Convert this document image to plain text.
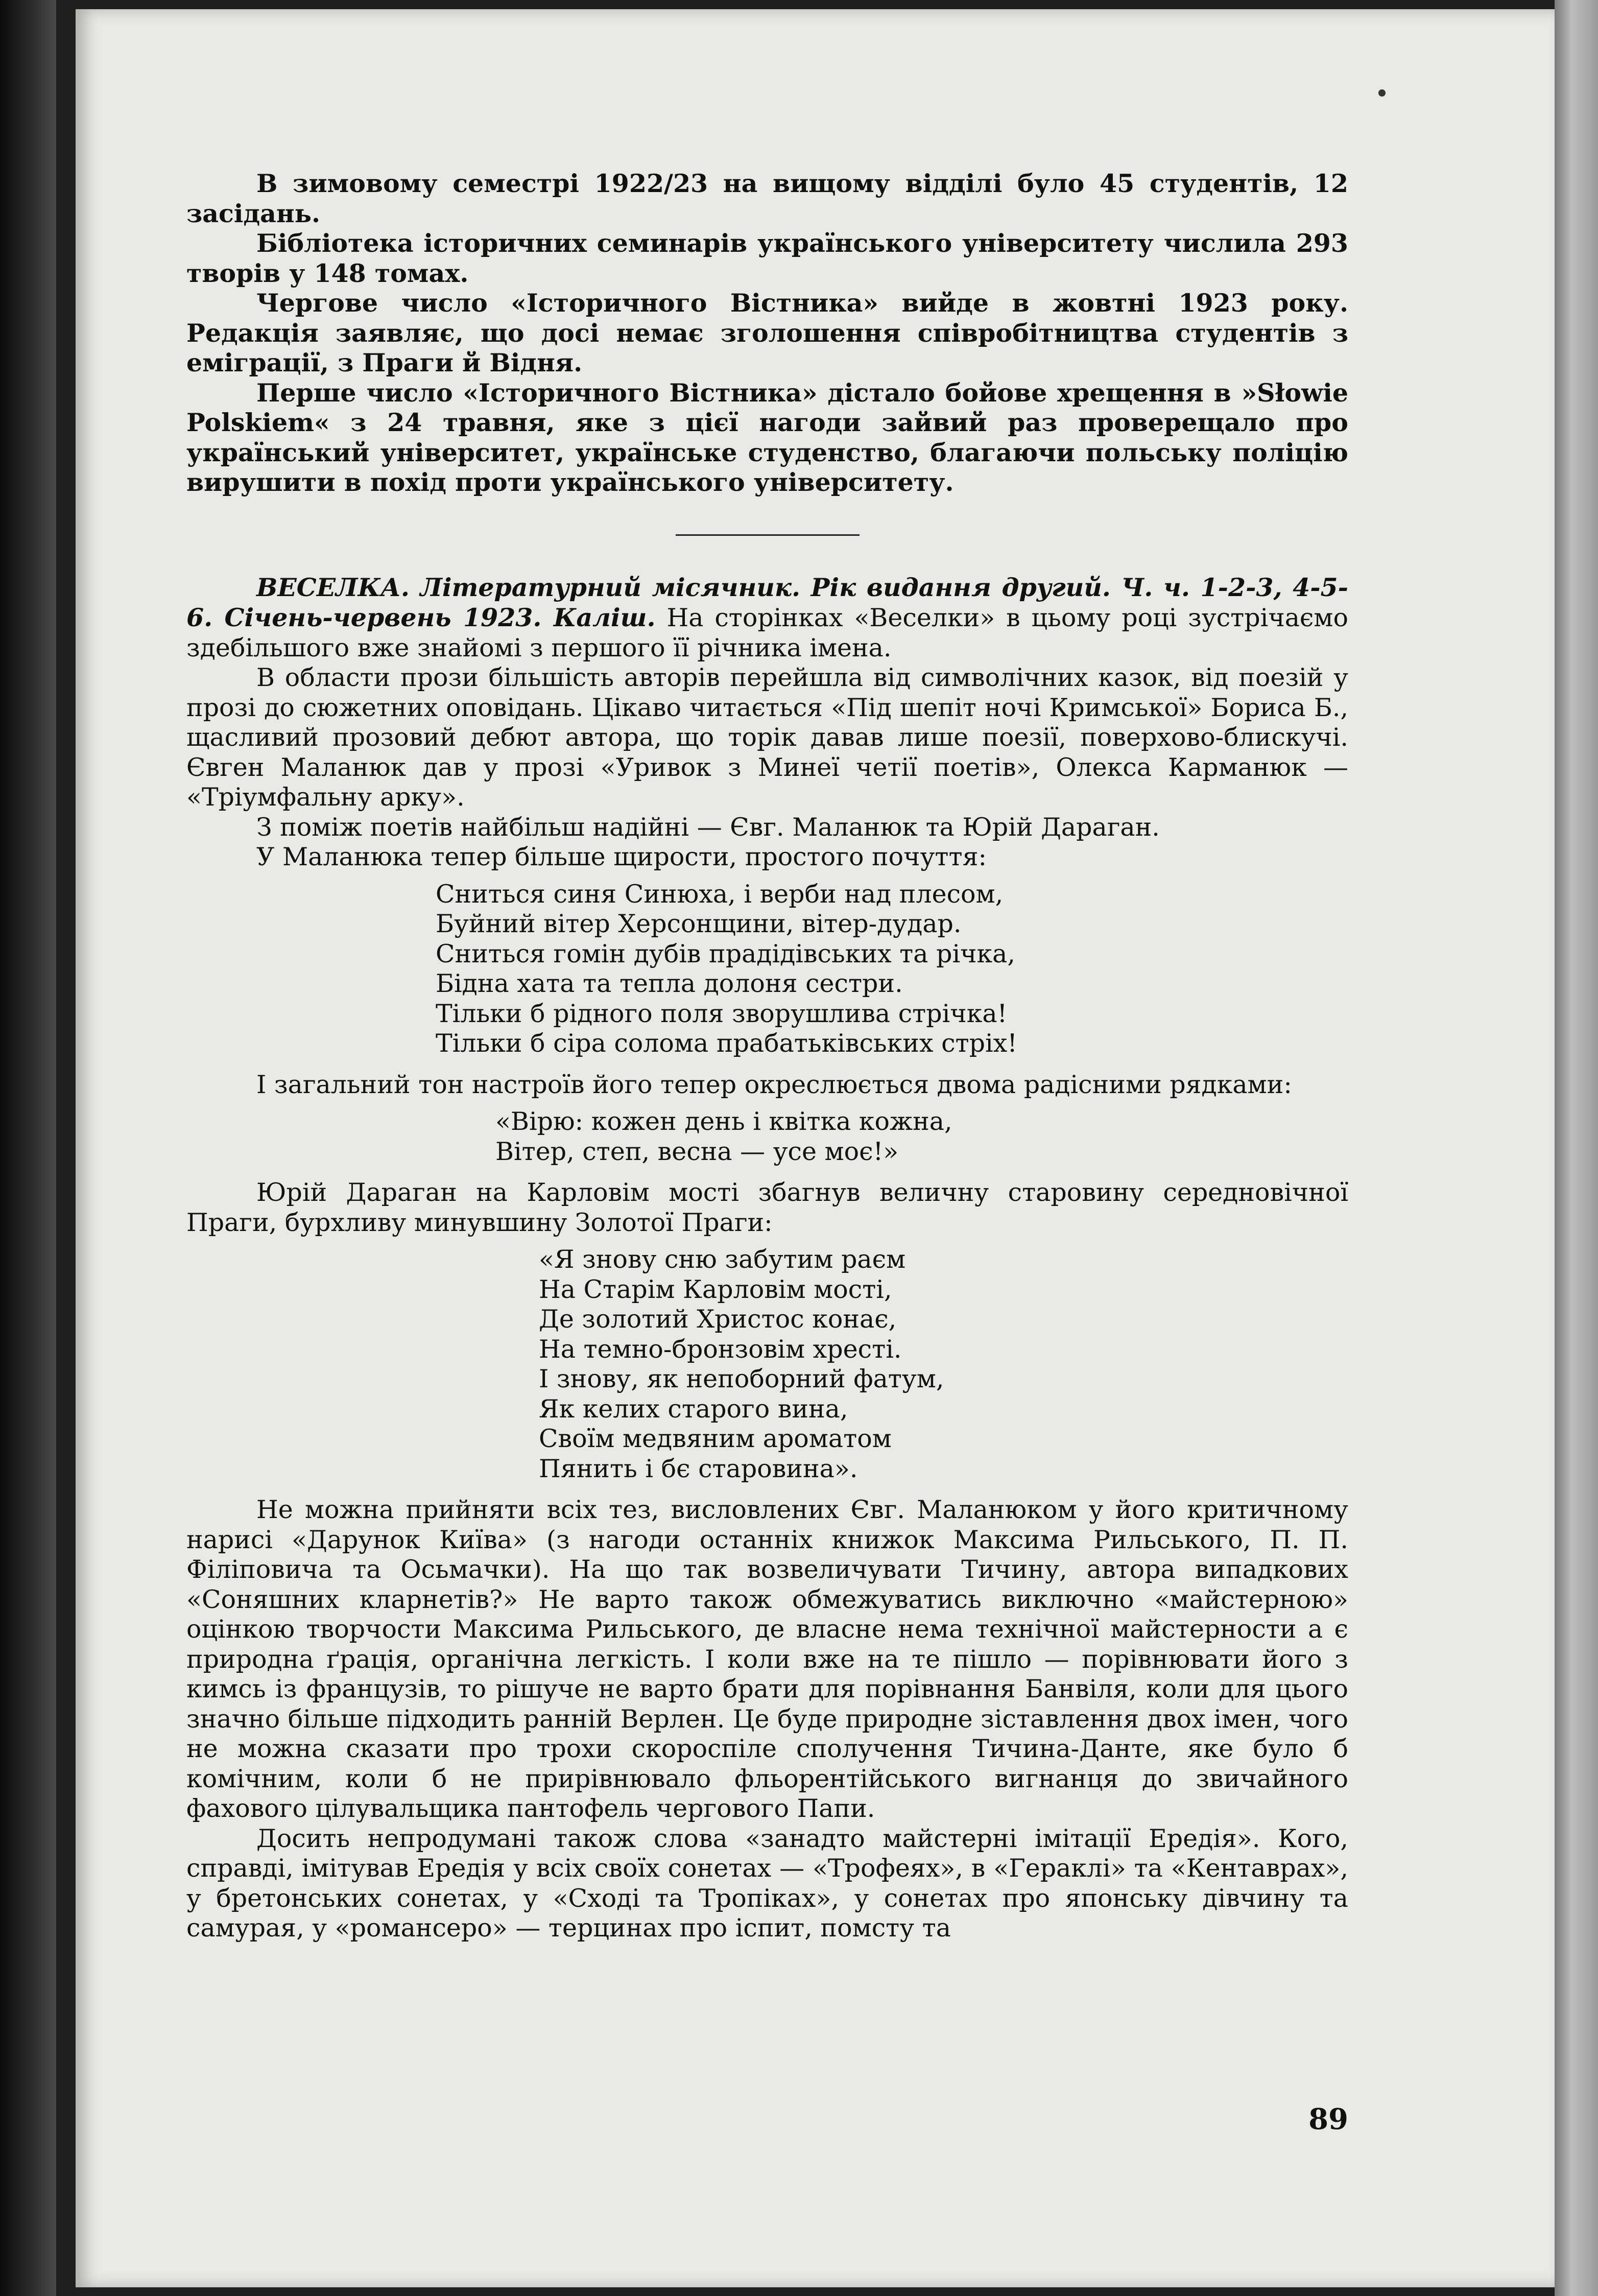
В зимовому семестрі 1922/23 на вищому відділі було 45 студентів, 12 засідань.

Бібліотека історичних семинарів українського університету числила 293 творів у 148 томах.

Чергове число «Історичного Вістника» вийде в жовтні 1923 року. Редакція заявляє, що досі немає зголошення співробітництва студентів з еміграції, з Праги й Відня.

Перше число «Історичного Вістника» дістало бойове хрещення в »Słowie Polskiem« з 24 травня, яке з цієї нагоди зайвий раз проверещало про український університет, українське студенство, благаючи польську поліцію вирушити в похід проти українського університету.

ВЕСЕЛКА. Літературний місячник. Рік видання другий. Ч. ч. 1-2-3, 4-5-6. Січень-червень 1923. Каліш. На сторінках «Веселки» в цьому році зустрічаємо здебільшого вже знайомі з першого її річника імена.

В области прози більшість авторів перейшла від символічних казок, від поезій у прозі до сюжетних оповідань. Цікаво читається «Під шепіт ночі Кримської» Бориса Б., щасливий прозовий дебют автора, що торік давав лише поезії, поверхово-блискучі. Євген Маланюк дав у прозі «Уривок з Минеї четії поетів», Олекса Карманюк — «Тріумфальну арку».

З поміж поетів найбільш надійні — Євг. Маланюк та Юрій Дараган.

У Маланюка тепер більше щирости, простого почуття:

Сниться синя Синюха, і верби над плесом,
Буйний вітер Херсонщини, вітер-дудар.
Сниться гомін дубів прадідівських та річка,
Бідна хата та тепла долоня сестри.
Тільки б рідного поля зворушлива стрічка!
Тільки б сіра солома прабатьківських стріх!

І загальний тон настроїв його тепер окреслюється двома радісними рядками:

«Вірю: кожен день і квітка кожна,
Вітер, степ, весна — усе моє!»

Юрій Дараган на Карловім мості збагнув величну старовину середновічної Праги, бурхливу минувшину Золотої Праги:

«Я знову сню забутим раєм
На Старім Карловім мості,
Де золотий Христос конає,
На темно-бронзовім хресті.
І знову, як непоборний фатум,
Як келих старого вина,
Своїм медвяним ароматом
Пянить і бє старовина».

Не можна прийняти всіх тез, висловлених Євг. Маланюком у його критичному нарисі «Дарунок Київа» (з нагоди останніх книжок Максима Рильського, П. П. Філіповича та Осьмачки). На що так возвеличувати Тичину, автора випадкових «Соняшних кларнетів?» Не варто також обмежуватись виключно «майстерною» оцінкою творчости Максима Рильського, де власне нема технічної майстерности а є природна ґрація, органічна легкість. І коли вже на те пішло — порівнювати його з кимсь із французів, то рішуче не варто брати для порівнання Банвіля, коли для цього значно більше підходить ранній Верлен. Це буде природне зіставлення двох імен, чого не можна сказати про трохи скороспіле сполучення Тичина-Данте, яке було б комічним, коли б не прирівнювало фльорентійського вигнанця до звичайного фахового цілувальщика пантофель чергового Папи.

Досить непродумані також слова «занадто майстерні імітації Ередія». Кого, справді, імітував Ередія у всіх своїх сонетах — «Трофеях», в «Гераклі» та «Кентаврах», у бретонських сонетах, у «Сході та Тропіках», у сонетах про японську дівчину та самурая, у «романсеро» — терцинах про іспит, помсту та

89
